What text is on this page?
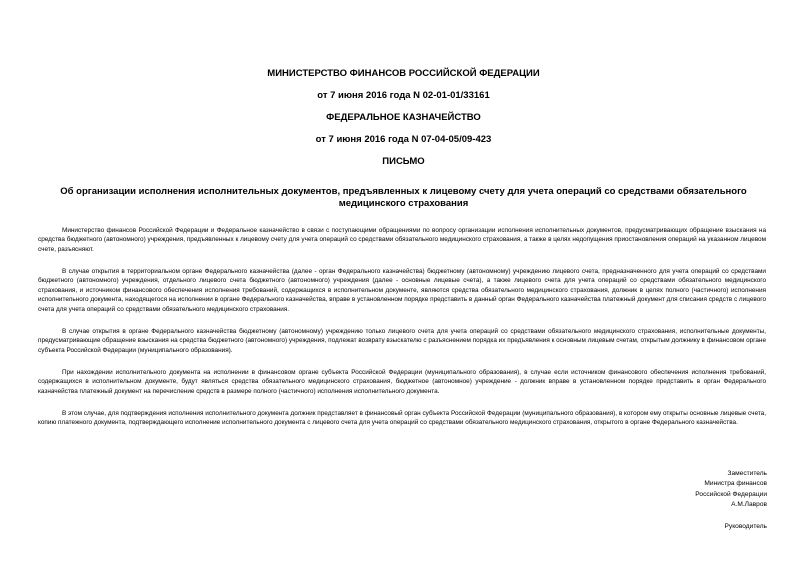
МИНИСТЕРСТВО ФИНАНСОВ РОССИЙСКОЙ ФЕДЕРАЦИИ
от 7 июня 2016 года N 02-01-01/33161
ФЕДЕРАЛЬНОЕ КАЗНАЧЕЙСТВО
от 7 июня 2016 года N 07-04-05/09-423
ПИСЬМО
Об организации исполнения исполнительных документов, предъявленных к лицевому счету для учета операций со средствами обязательного медицинского страхования
Министерство финансов Российской Федерации и Федеральное казначейство в связи с поступающими обращениями по вопросу организации исполнения исполнительных документов, предусматривающих обращение взыскания на средства бюджетного (автономного) учреждения, предъявленных к лицевому счету для учета операций со средствами обязательного медицинского страхования, а также в целях недопущения приостановления операций на указанном лицевом счете, разъясняют.
В случае открытия в территориальном органе Федерального казначейства (далее - орган Федерального казначейства) бюджетному (автономному) учреждению лицевого счета, предназначенного для учета операций со средствами бюджетного (автономного) учреждения, отдельного лицевого счета бюджетного (автономного) учреждения (далее - основные лицевые счета), а также лицевого счета для учета операций со средствами обязательного медицинского страхования, и источником финансового обеспечения исполнения требований, содержащихся в исполнительном документе, являются средства обязательного медицинского страхования, должник в целях полного (частичного) исполнения исполнительного документа, находящегося на исполнении в органе Федерального казначейства, вправе в установленном порядке представить в данный орган Федерального казначейства платежный документ для списания средств с лицевого счета для учета операций со средствами обязательного медицинского страхования.
В случае открытия в органе Федерального казначейства бюджетному (автономному) учреждению только лицевого счета для учета операций со средствами обязательного медицинского страхования, исполнительные документы, предусматривающие обращение взыскания на средства бюджетного (автономного) учреждения, подлежат возврату взыскателю с разъяснением порядка их предъявления к основным лицевым счетам, открытым должнику в финансовом органе субъекта Российской Федерации (муниципального образования).
При нахождении исполнительного документа на исполнении в финансовом органе субъекта Российской Федерации (муниципального образования), в случае если источником финансового обеспечения исполнения требований, содержащихся в исполнительном документе, будут являться средства обязательного медицинского страхования, бюджетное (автономное) учреждение - должник вправе в установленном порядке представить в орган Федерального казначейства платежный документ на перечисление средств в размере полного (частичного) исполнения исполнительного документа.
В этом случае, для подтверждения исполнения исполнительного документа должник представляет в финансовый орган субъекта Российской Федерации (муниципального образования), в котором ему открыты основные лицевые счета, копию платежного документа, подтверждающего исполнение исполнительного документа с лицевого счета для учета операций со средствами обязательного медицинского страхования, открытого в органе Федерального казначейства.
Заместитель
Министра финансов
Российской Федерации
А.М.Лавров
Руководитель
